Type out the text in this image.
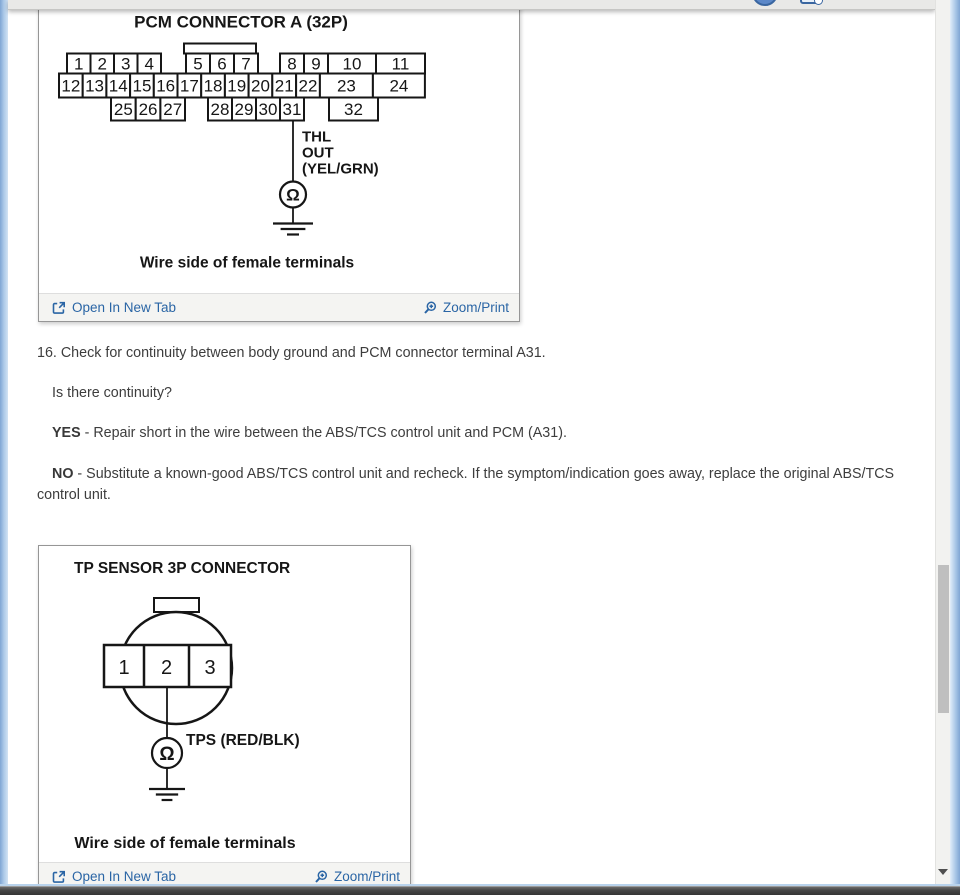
PCM CONNECTOR A (32P)
1 2 3 4 5 6 7 8 9 10 11
12 13 14 15 16 17 18 19 20 21 22 23 24
25 26 27 28 29 30 31	32
THL
OUT
(YEL/GRN)
Ω
Wire side of female terminals
Open In New Tab	Zoom/Print
16. Check for continuity between body ground and PCM connector terminal A31.
Is there continuity?
YES - Repair short in the wire between the ABS/TCS control unit and PCM (A31).
NO - Substitute a known-good ABS/TCS control unit and recheck. If the symptom/indication goes away, replace the original ABS/TCS control unit.
TP SENSOR 3P CONNECTOR
1 2 3
TPS (RED/BLK)
Ω
Wire side of female terminals
Open In New Tab	Zoom/Print
